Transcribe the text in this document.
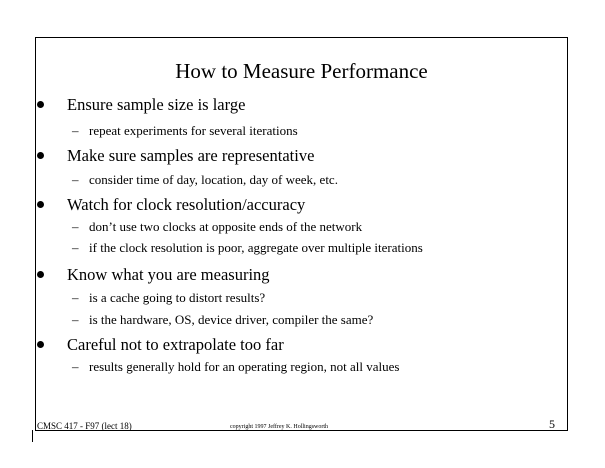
How to Measure Performance
Ensure sample size is large
– repeat experiments for several iterations
Make sure samples are representative
– consider time of day, location, day of week, etc.
Watch for clock resolution/accuracy
– don’t use two clocks at opposite ends of the network
– if the clock resolution is poor, aggregate over multiple iterations
Know what you are measuring
– is a cache going to distort results?
– is the hardware, OS, device driver, compiler the same?
Careful not to extrapolate too far
– results generally hold for an operating region, not all values
CMSC 417 - F97 (lect 18)	copyright 1997 Jeffrey K. Hollingsworth	5
